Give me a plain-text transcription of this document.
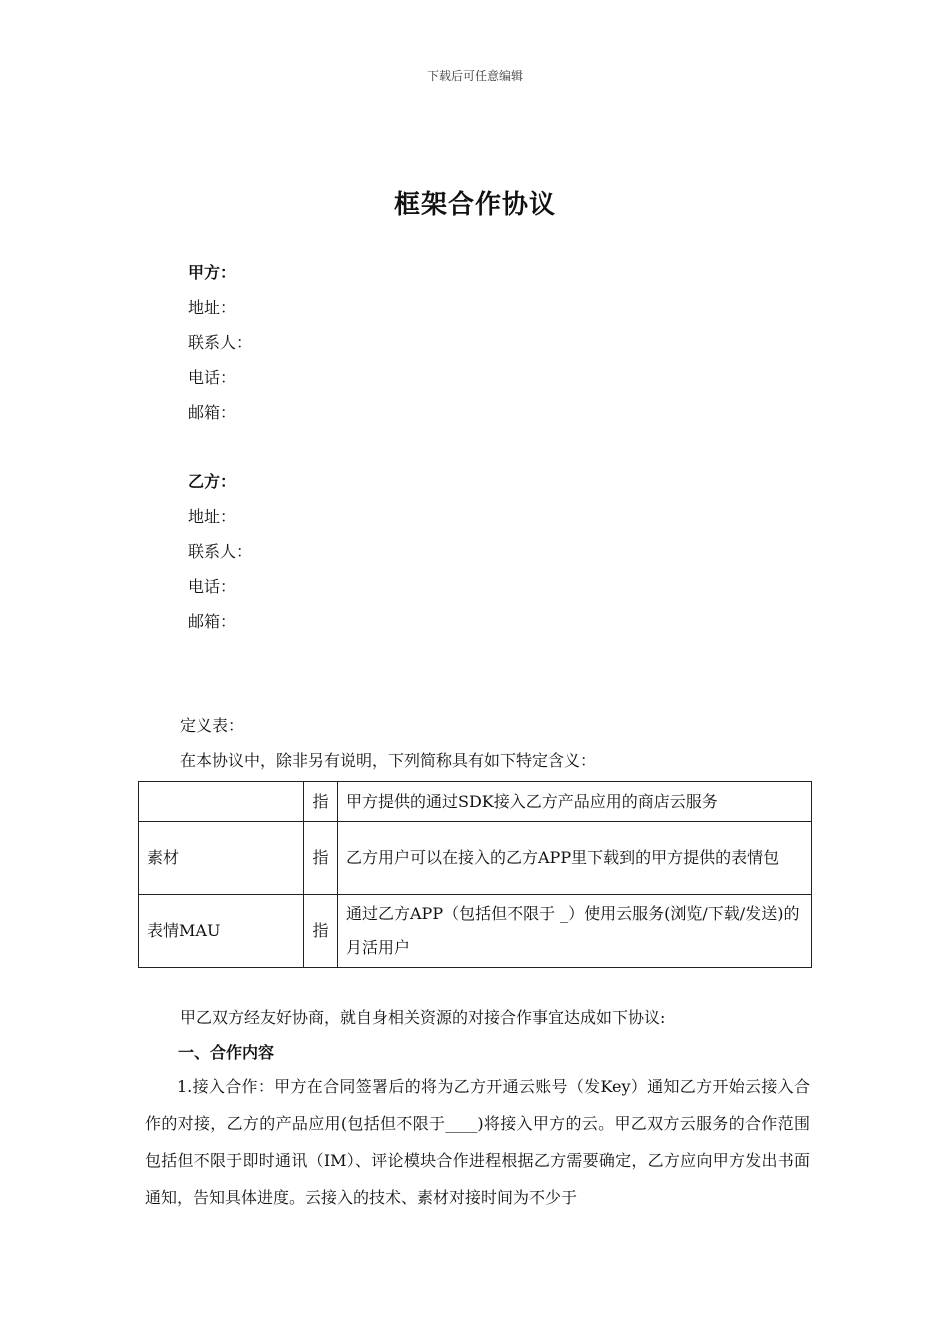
下载后可任意编辑
框架合作协议
甲方：
地址：
联系人：
电话：
邮箱：
乙方：
地址：
联系人：
电话：
邮箱：
定义表：
在本协议中，除非另有说明，下列简称具有如下特定含义：
	指	甲方提供的通过SDK接入乙方产品应用的商店云服务
素材	指	乙方用户可以在接入的乙方APP里下载到的甲方提供的表情包
表情MAU	指	通过乙方APP（包括但不限于 _）使用云服务(浏览/下载/发送)的月活用户
甲乙双方经友好协商，就自身相关资源的对接合作事宜达成如下协议:
一、合作内容
1.接入合作：甲方在合同签署后的将为乙方开通云账号（发Key）通知乙方开始云接入合作的对接，乙方的产品应用(包括但不限于____)将接入甲方的云。甲乙双方云服务的合作范围包括但不限于即时通讯（IM）、评论模块合作进程根据乙方需要确定，乙方应向甲方发出书面通知，告知具体进度。云接入的技术、素材对接时间为不少于
